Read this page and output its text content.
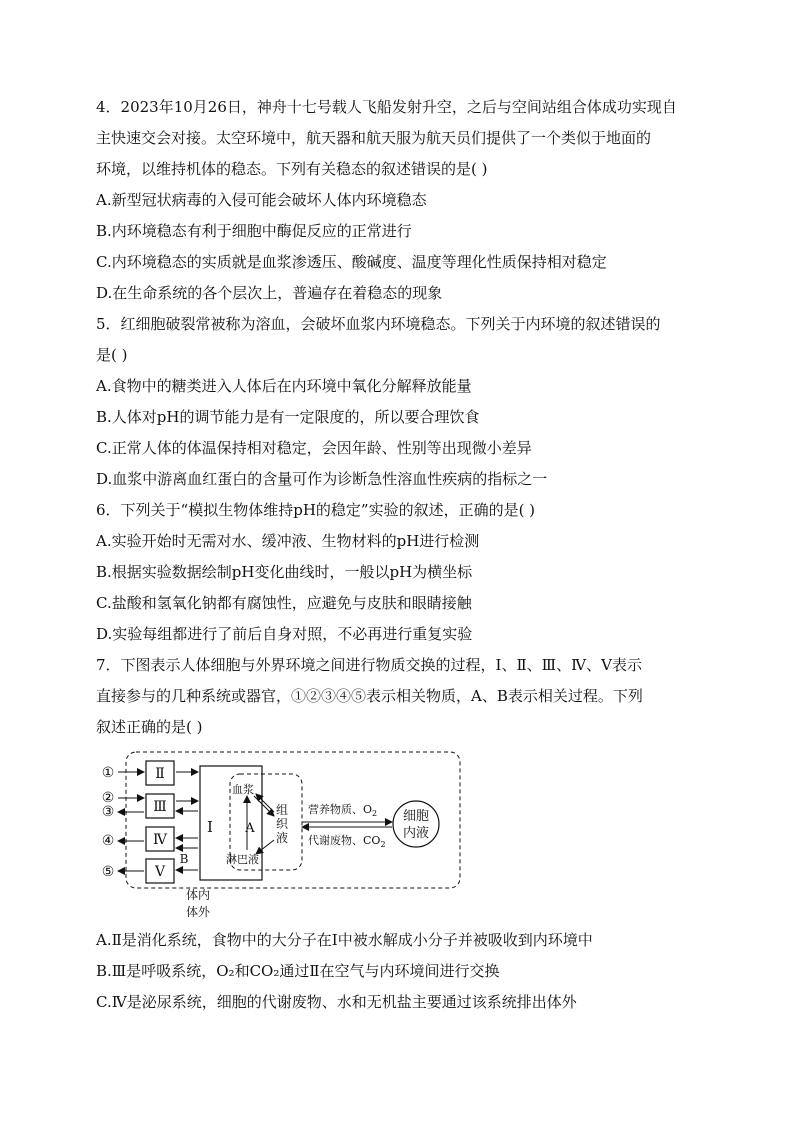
4．2023年10月26日，神舟十七号载人飞船发射升空，之后与空间站组合体成功实现自
主快速交会对接。太空环境中，航天器和航天服为航天员们提供了一个类似于地面的
环境，以维持机体的稳态。下列有关稳态的叙述错误的是( )
A.新型冠状病毒的入侵可能会破坏人体内环境稳态
B.内环境稳态有利于细胞中酶促反应的正常进行
C.内环境稳态的实质就是血浆渗透压、酸碱度、温度等理化性质保持相对稳定
D.在生命系统的各个层次上，普遍存在着稳态的现象
5．红细胞破裂常被称为溶血，会破坏血浆内环境稳态。下列关于内环境的叙述错误的
是( )
A.食物中的糖类进入人体后在内环境中氧化分解释放能量
B.人体对pH的调节能力是有一定限度的，所以要合理饮食
C.正常人体的体温保持相对稳定，会因年龄、性别等出现微小差异
D.血浆中游离血红蛋白的含量可作为诊断急性溶血性疾病的指标之一
6．下列关于“模拟生物体维持pH的稳定”实验的叙述，正确的是( )
A.实验开始时无需对水、缓冲液、生物材料的pH进行检测
B.根据实验数据绘制pH变化曲线时，一般以pH为横坐标
C.盐酸和氢氧化钠都有腐蚀性，应避免与皮肤和眼睛接触
D.实验每组都进行了前后自身对照，不必再进行重复实验
7．下图表示人体细胞与外界环境之间进行物质交换的过程，Ⅰ、Ⅱ、Ⅲ、Ⅳ、Ⅴ表示
直接参与的几种系统或器官，①②③④⑤表示相关物质，A、B表示相关过程。下列
叙述正确的是( )
Ⅱ
Ⅲ
Ⅳ
Ⅴ
①
②
③
④
⑤
Ⅰ
B
血浆
A
淋巴液
组
织
液
营养物质、$O_2$
代谢废物、$CO_2$
细胞
内液
体内
体外
A.Ⅱ是消化系统，食物中的大分子在Ⅰ中被水解成小分子并被吸收到内环境中
B.Ⅲ是呼吸系统，O₂和CO₂通过Ⅱ在空气与内环境间进行交换
C.Ⅳ是泌尿系统，细胞的代谢废物、水和无机盐主要通过该系统排出体外
